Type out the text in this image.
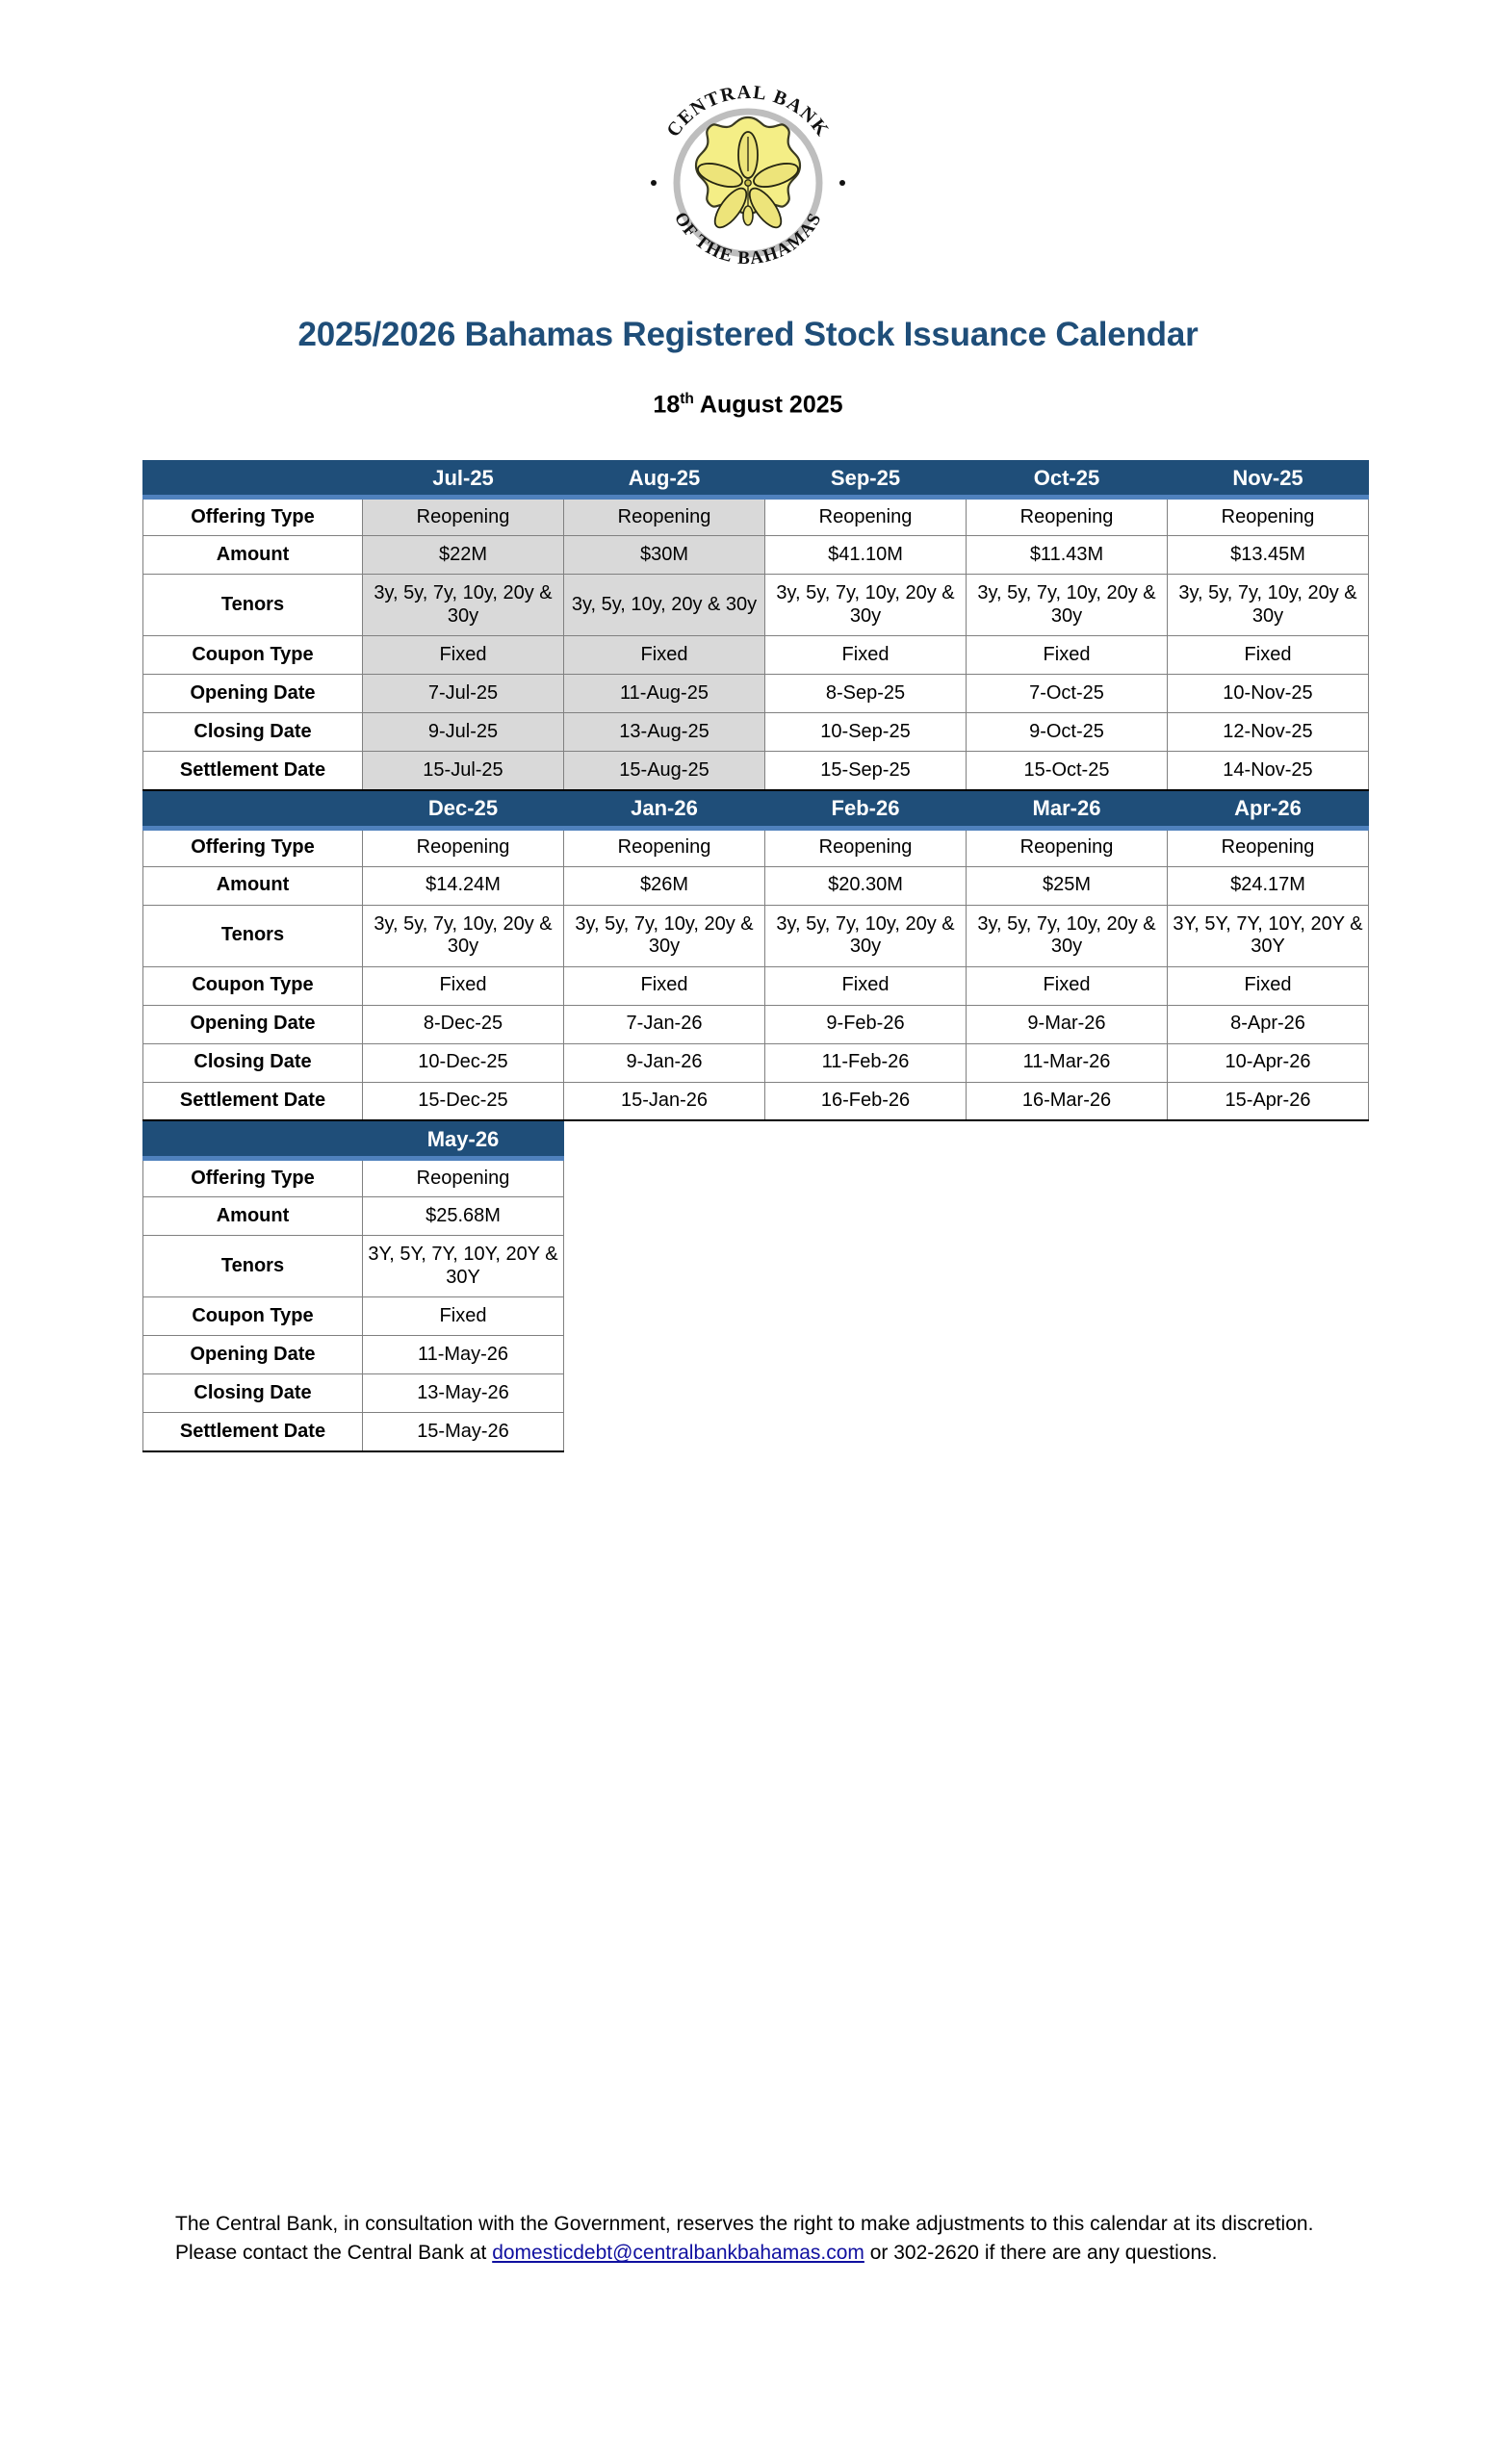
CENTRAL BANK
OF THE BAHAMAS
2025/2026 Bahamas Registered Stock Issuance Calendar
18th August 2025
	Jul-25	Aug-25	Sep-25	Oct-25	Nov-25
Offering Type	Reopening	Reopening	Reopening	Reopening	Reopening
Amount	$22M	$30M	$41.10M	$11.43M	$13.45M
Tenors	3y, 5y, 7y, 10y, 20y & 30y	3y, 5y, 10y, 20y & 30y	3y, 5y, 7y, 10y, 20y & 30y	3y, 5y, 7y, 10y, 20y & 30y	3y, 5y, 7y, 10y, 20y & 30y
Coupon Type	Fixed	Fixed	Fixed	Fixed	Fixed
Opening Date	7-Jul-25	11-Aug-25	8-Sep-25	7-Oct-25	10-Nov-25
Closing Date	9-Jul-25	13-Aug-25	10-Sep-25	9-Oct-25	12-Nov-25
Settlement Date	15-Jul-25	15-Aug-25	15-Sep-25	15-Oct-25	14-Nov-25
	Dec-25	Jan-26	Feb-26	Mar-26	Apr-26
Offering Type	Reopening	Reopening	Reopening	Reopening	Reopening
Amount	$14.24M	$26M	$20.30M	$25M	$24.17M
Tenors	3y, 5y, 7y, 10y, 20y & 30y	3y, 5y, 7y, 10y, 20y & 30y	3y, 5y, 7y, 10y, 20y & 30y	3y, 5y, 7y, 10y, 20y & 30y	3Y, 5Y, 7Y, 10Y, 20Y & 30Y
Coupon Type	Fixed	Fixed	Fixed	Fixed	Fixed
Opening Date	8-Dec-25	7-Jan-26	9-Feb-26	9-Mar-26	8-Apr-26
Closing Date	10-Dec-25	9-Jan-26	11-Feb-26	11-Mar-26	10-Apr-26
Settlement Date	15-Dec-25	15-Jan-26	16-Feb-26	16-Mar-26	15-Apr-26
	May-26
Offering Type	Reopening
Amount	$25.68M
Tenors	3Y, 5Y, 7Y, 10Y, 20Y & 30Y
Coupon Type	Fixed
Opening Date	11-May-26
Closing Date	13-May-26
Settlement Date	15-May-26
The Central Bank, in consultation with the Government, reserves the right to make adjustments to this calendar at its discretion. Please contact the Central Bank at domesticdebt@centralbankbahamas.com or 302-2620 if there are any questions.
